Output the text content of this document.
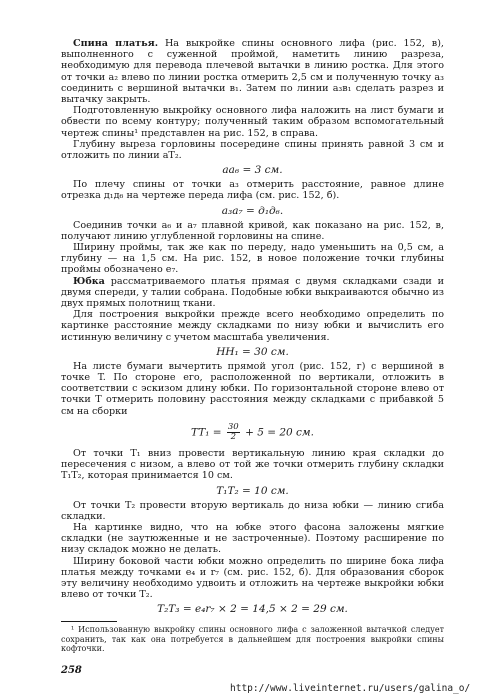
Спина платья. На выкройке спины основного лифа (рис. 152, в), выполненного с суженной проймой, наметить линию разреза, необходимую для перевода плечевой вытачки в линию ростка. Для этого от точки a₂ влево по линии ростка отмерить 2,5 см и полученную точку a₃ соединить с вершиной вытачки в₁. Затем по линии a₃в₁ сделать разрез и вытачку закрыть.

Подготовленную выкройку основного лифа наложить на лист бумаги и обвести по всему контуру; полученный таким образом вспомогательный чертеж спины¹ представлен на рис. 152, в справа.

Глубину выреза горловины посередине спины принять равной 3 см и отложить по линии aT₂.

aa₆ = 3 см.

По плечу спины от точки a₃ отмерить расстояние, равное длине отрезка д₁д₆ на чертеже переда лифа (см. рис. 152, б).

a₃a₇ = д₁д₆.

Соединив точки a₆ и a₇ плавной кривой, как показано на рис. 152, в, получают линию углубленной горловины на спине.

Ширину проймы, так же как по переду, надо уменьшить на 0,5 см, а глубину — на 1,5 см. На рис. 152, в новое положение точки глубины проймы обозначено e₇.

Юбка рассматриваемого платья прямая с двумя складками сзади и двумя спереди, у талии собрана. Подобные юбки выкраиваются обычно из двух прямых полотнищ ткани.

Для построения выкройки прежде всего необходимо определить по картинке расстояние между складками по низу юбки и вычислить его истинную величину с учетом масштаба увеличения.

HH₁ = 30 см.

На листе бумаги вычертить прямой угол (рис. 152, г) с вершиной в точке T. По стороне его, расположенной по вертикали, отложить в соответствии с эскизом длину юбки. По горизонтальной стороне влево от точки T отмерить половину расстояния между складками с прибавкой 5 см на сборки

$TT_1 = \frac{30}{2} + 5 = 20$ см.

От точки T₁ вниз провести вертикальную линию края складки до пересечения с низом, а влево от той же точки отмерить глубину складки T₁T₂, которая принимается 10 см.

T₁T₂ = 10 см.

От точки T₂ провести вторую вертикаль до низа юбки — линию сгиба складки.

На картинке видно, что на юбке этого фасона заложены мягкие складки (не заутюженные и не застроченные). Поэтому расширение по низу складок можно не делать.

Ширину боковой части юбки можно определить по ширине бока лифа платья между точками e₄ и r₇ (см. рис. 152, б). Для образования сборок эту величину необходимо удвоить и отложить на чертеже выкройки юбки влево от точки T₂.

T₂T₃ = e₄r₇ × 2 = 14,5 × 2 = 29 см.

¹ Использованную выкройку спины основного лифа с заложенной вытачкой следует сохранить, так как она потребуется в дальнейшем для построения выкройки спины кофточки.

258
http://www.liveinternet.ru/users/galina_o/
